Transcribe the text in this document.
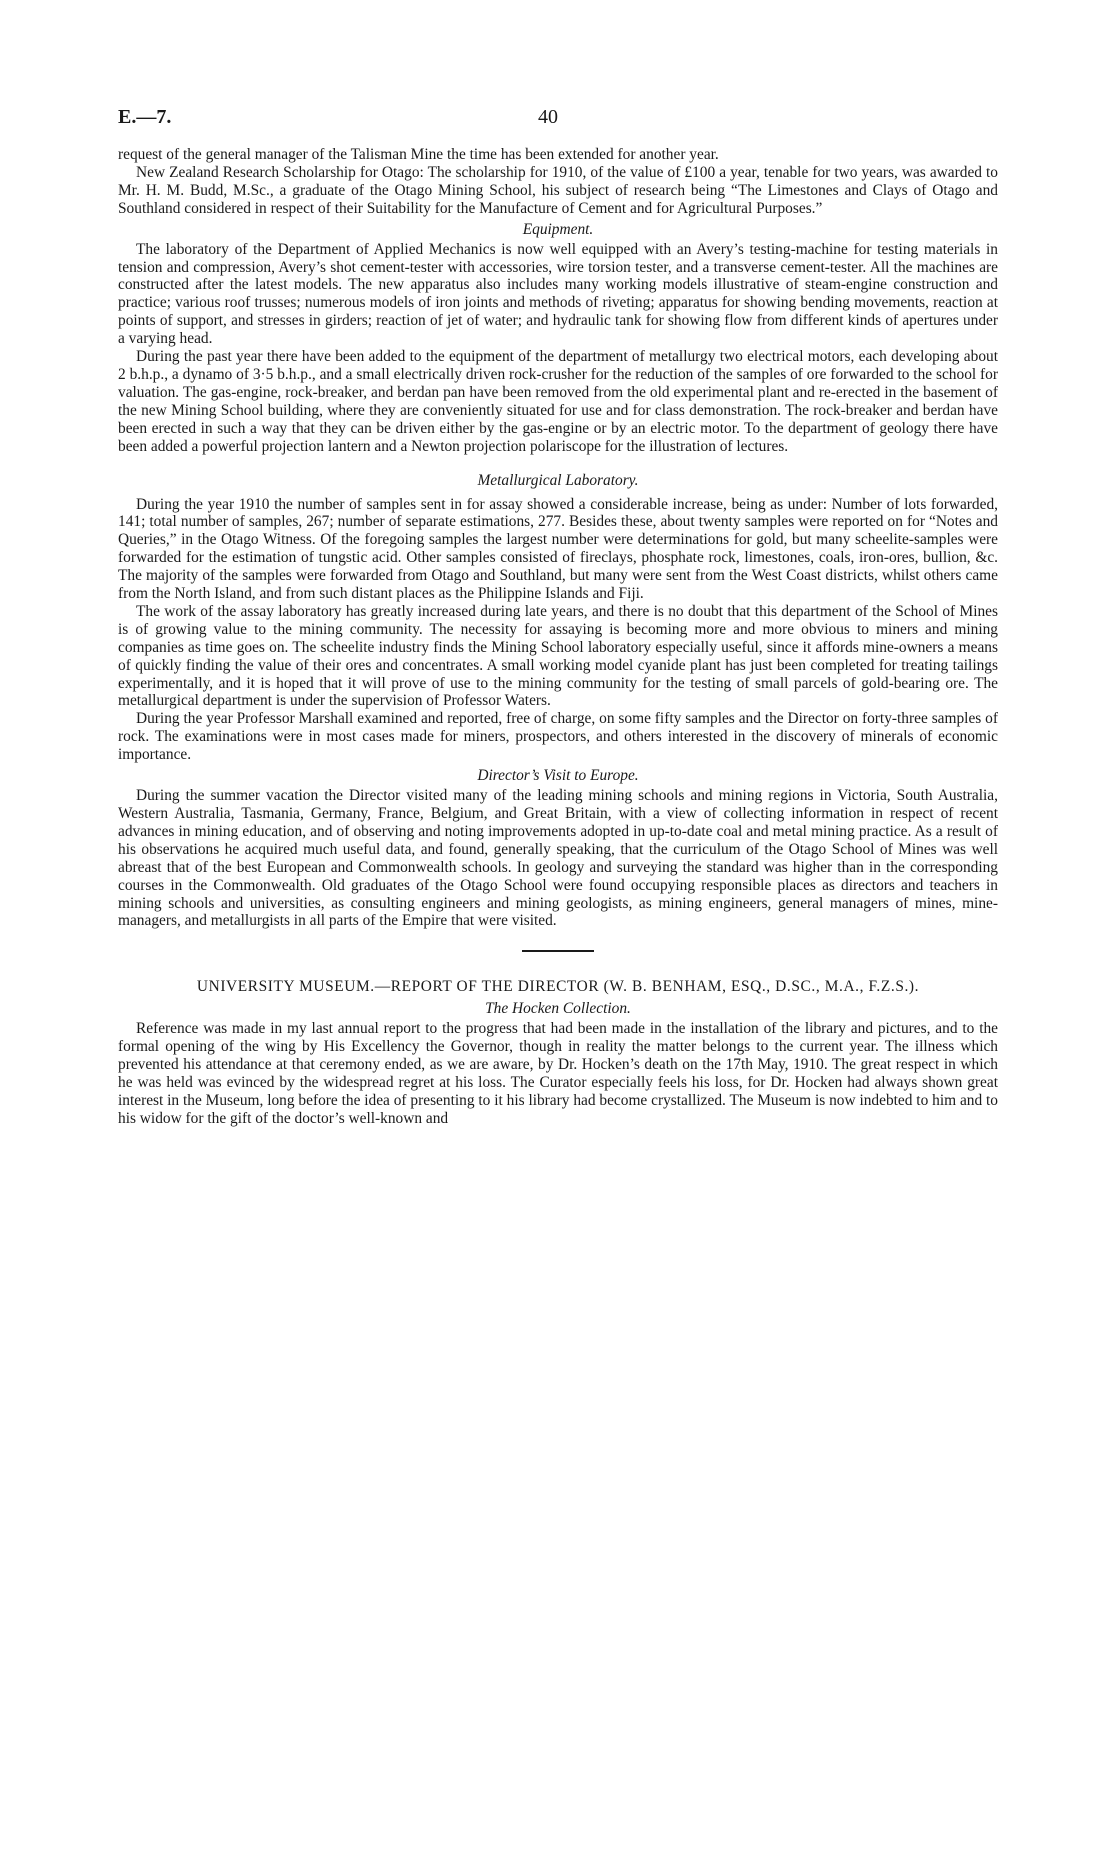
E.—7.	40

request of the general manager of the Talisman Mine the time has been extended for another year.

New Zealand Research Scholarship for Otago: The scholarship for 1910, of the value of £100 a year, tenable for two years, was awarded to Mr. H. M. Budd, M.Sc., a graduate of the Otago Mining School, his subject of research being “The Limestones and Clays of Otago and Southland considered in respect of their Suitability for the Manufacture of Cement and for Agricultural Purposes.”

Equipment.

The laboratory of the Department of Applied Mechanics is now well equipped with an Avery’s testing-machine for testing materials in tension and compression, Avery’s shot cement-tester with accessories, wire torsion tester, and a transverse cement-tester. All the machines are constructed after the latest models. The new apparatus also includes many working models illustrative of steam-engine construction and practice; various roof trusses; numerous models of iron joints and methods of riveting; apparatus for showing bending movements, reaction at points of support, and stresses in girders; reaction of jet of water; and hydraulic tank for showing flow from different kinds of apertures under a varying head.

During the past year there have been added to the equipment of the department of metallurgy two electrical motors, each developing about 2 b.h.p., a dynamo of 3·5 b.h.p., and a small electrically driven rock-crusher for the reduction of the samples of ore forwarded to the school for valuation. The gas-engine, rock-breaker, and berdan pan have been removed from the old experimental plant and re-erected in the basement of the new Mining School building, where they are conveniently situated for use and for class demonstration. The rock-breaker and berdan have been erected in such a way that they can be driven either by the gas-engine or by an electric motor. To the department of geology there have been added a powerful projection lantern and a Newton projection polariscope for the illustration of lectures.

Metallurgical Laboratory.

During the year 1910 the number of samples sent in for assay showed a considerable increase, being as under: Number of lots forwarded, 141; total number of samples, 267; number of separate estimations, 277. Besides these, about twenty samples were reported on for “Notes and Queries,” in the Otago Witness. Of the foregoing samples the largest number were determinations for gold, but many scheelite-samples were forwarded for the estimation of tungstic acid. Other samples consisted of fireclays, phosphate rock, limestones, coals, iron-ores, bullion, &c. The majority of the samples were forwarded from Otago and Southland, but many were sent from the West Coast districts, whilst others came from the North Island, and from such distant places as the Philippine Islands and Fiji.

The work of the assay laboratory has greatly increased during late years, and there is no doubt that this department of the School of Mines is of growing value to the mining community. The necessity for assaying is becoming more and more obvious to miners and mining companies as time goes on. The scheelite industry finds the Mining School laboratory especially useful, since it affords mine-owners a means of quickly finding the value of their ores and concentrates. A small working model cyanide plant has just been completed for treating tailings experimentally, and it is hoped that it will prove of use to the mining community for the testing of small parcels of gold-bearing ore. The metallurgical department is under the supervision of Professor Waters.

During the year Professor Marshall examined and reported, free of charge, on some fifty samples and the Director on forty-three samples of rock. The examinations were in most cases made for miners, prospectors, and others interested in the discovery of minerals of economic importance.

Director’s Visit to Europe.

During the summer vacation the Director visited many of the leading mining schools and mining regions in Victoria, South Australia, Western Australia, Tasmania, Germany, France, Belgium, and Great Britain, with a view of collecting information in respect of recent advances in mining education, and of observing and noting improvements adopted in up-to-date coal and metal mining practice. As a result of his observations he acquired much useful data, and found, generally speaking, that the curriculum of the Otago School of Mines was well abreast that of the best European and Commonwealth schools. In geology and surveying the standard was higher than in the corresponding courses in the Commonwealth. Old graduates of the Otago School were found occupying responsible places as directors and teachers in mining schools and universities, as consulting engineers and mining geologists, as mining engineers, general managers of mines, mine-managers, and metallurgists in all parts of the Empire that were visited.

UNIVERSITY MUSEUM.—REPORT OF THE DIRECTOR (W. B. BENHAM, ESQ., D.SC., M.A., F.Z.S.).
The Hocken Collection.

Reference was made in my last annual report to the progress that had been made in the installation of the library and pictures, and to the formal opening of the wing by His Excellency the Governor, though in reality the matter belongs to the current year. The illness which prevented his attendance at that ceremony ended, as we are aware, by Dr. Hocken’s death on the 17th May, 1910. The great respect in which he was held was evinced by the widespread regret at his loss. The Curator especially feels his loss, for Dr. Hocken had always shown great interest in the Museum, long before the idea of presenting to it his library had become crystallized. The Museum is now indebted to him and to his widow for the gift of the doctor’s well-known and
